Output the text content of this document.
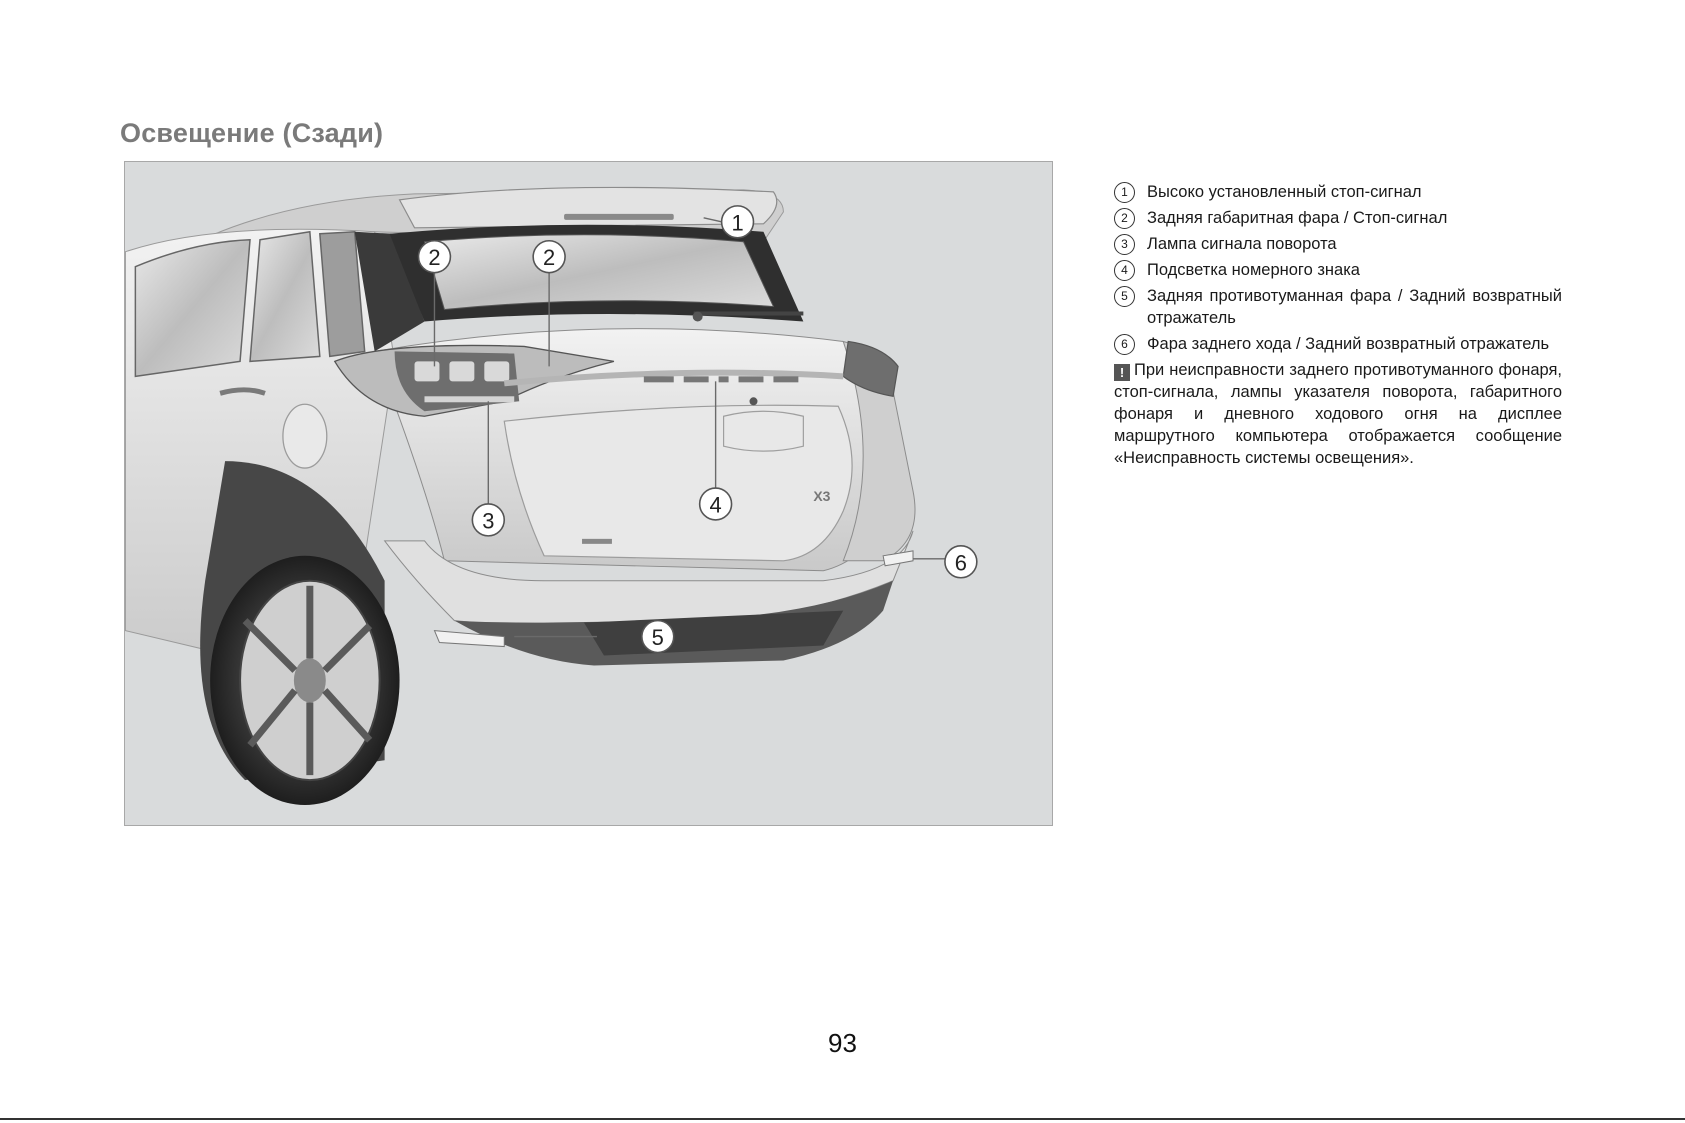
Освещение (Сзади)
X3
1
2	2
3
4
5
6
1	Высоко установленный стоп-сигнал
2	Задняя габаритная фара / Стоп-сигнал
3	Лампа сигнала поворота
4	Подсветка номерного знака
5	Задняя противотуманная фара / Задний возвратный отражатель
6	Фара заднего хода / Задний возвратный отражатель
! При неисправности заднего противотуманного фонаря, стоп-сигнала, лампы указателя поворота, габаритного фонаря и дневного ходового огня на дисплее маршрутного компьютера отображается сообщение «Неисправность системы освещения».
93
